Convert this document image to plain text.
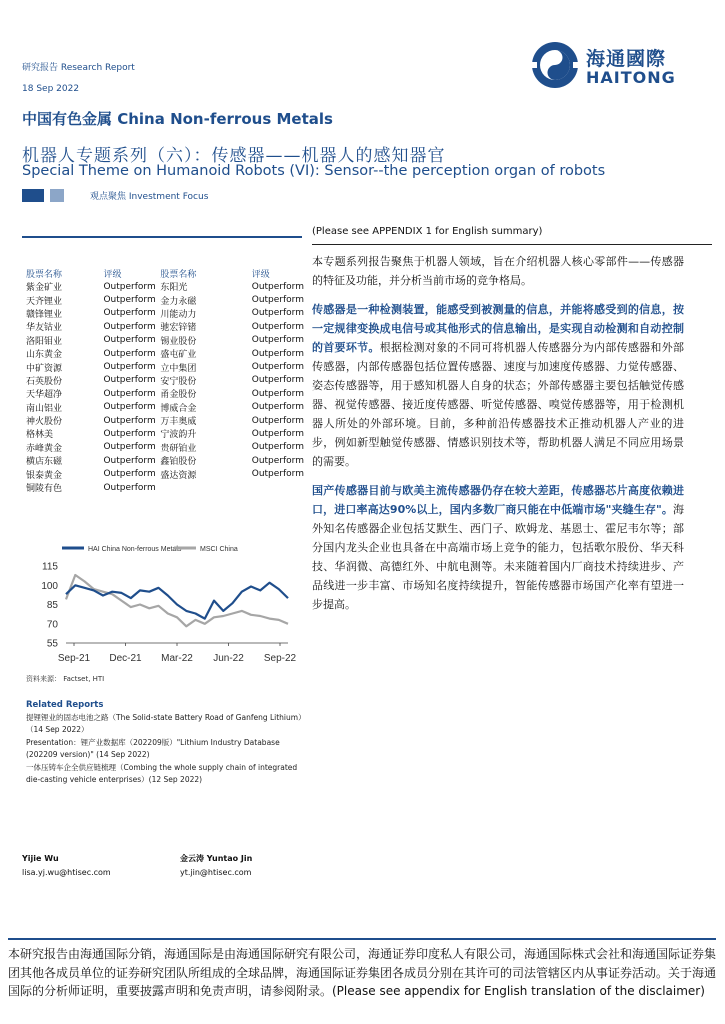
研究报告 Research Report
18 Sep 2022
海通國際
HAITONG
中国有色金属 China Non-ferrous Metals
机器人专题系列（六）：传感器——机器人的感知器官
Special Theme on Humanoid Robots (VI): Sensor--the perception organ of robots
观点聚焦 Investment Focus
股票名称	评级	股票名称	评级
紫金矿业	Outperform	东阳光	Outperform
天齐锂业	Outperform	金力永磁	Outperform
赣锋锂业	Outperform	川能动力	Outperform
华友钴业	Outperform	驰宏锌锗	Outperform
洛阳钼业	Outperform	锡业股份	Outperform
山东黄金	Outperform	盛屯矿业	Outperform
中矿资源	Outperform	立中集团	Outperform
石英股份	Outperform	安宁股份	Outperform
天华超净	Outperform	甬金股份	Outperform
南山铝业	Outperform	博威合金	Outperform
神火股份	Outperform	万丰奥威	Outperform
格林美	Outperform	宁波韵升	Outperform
赤峰黄金	Outperform	贵研铂业	Outperform
横店东磁	Outperform	鑫铂股份	Outperform
银泰黄金	Outperform	盛达资源	Outperform
铜陵有色	Outperform		
HAI China Non-ferrous Metals	MSCI China
115
100
85
70
55
Sep-21 Dec-21 Mar-22 Jun-22 Sep-22
资料来源： Factset, HTI
Related Reports

提锂锂业的固态电池之路（The Solid-state Battery Road of Ganfeng Lithium）（14 Sep 2022）

Presentation：锂产业数据库（202209版）"Lithium Industry Database (202209 version)" (14 Sep 2022)

一体压铸车企全供应链梳理（Combing the whole supply chain of integrated die-casting vehicle enterprises）(12 Sep 2022)

Yijie Wu
lisa.yj.wu@htisec.com
金云涛 Yuntao Jin
yt.jin@htisec.com
(Please see APPENDIX 1 for English summary)

本专题系列报告聚焦于机器人领域，旨在介绍机器人核心零部件——传感器的特征及功能，并分析当前市场的竞争格局。

传感器是一种检测装置，能感受到被测量的信息，并能将感受到的信息，按一定规律变换成电信号或其他形式的信息输出，是实现自动检测和自动控制的首要环节。根据检测对象的不同可将机器人传感器分为内部传感器和外部传感器，内部传感器包括位置传感器、速度与加速度传感器、力觉传感器、姿态传感器等，用于感知机器人自身的状态；外部传感器主要包括触觉传感器、视觉传感器、接近度传感器、听觉传感器、嗅觉传感器等，用于检测机器人所处的外部环境。目前，多种前沿传感器技术正推动机器人产业的进步，例如新型触觉传感器、情感识别技术等，帮助机器人满足不同应用场景的需要。

国产传感器目前与欧美主流传感器仍存在较大差距，传感器芯片高度依赖进口，进口率高达90%以上，国内多数厂商只能在中低端市场"夹缝生存"。海外知名传感器企业包括艾默生、西门子、欧姆龙、基恩士、霍尼韦尔等；部分国内龙头企业也具备在中高端市场上竞争的能力，包括歌尔股份、华天科技、华润微、高德红外、中航电测等。未来随着国内厂商技术持续进步、产品线进一步丰富、市场知名度持续提升，智能传感器市场国产化率有望进一步提高。

本研究报告由海通国际分销，海通国际是由海通国际研究有限公司，海通证券印度私人有限公司，海通国际株式会社和海通国际证券集团其他各成员单位的证券研究团队所组成的全球品牌，海通国际证券集团各成员分别在其许可的司法管辖区内从事证券活动。关于海通国际的分析师证明，重要披露声明和免责声明，请参阅附录。(Please see appendix for English translation of the disclaimer)
